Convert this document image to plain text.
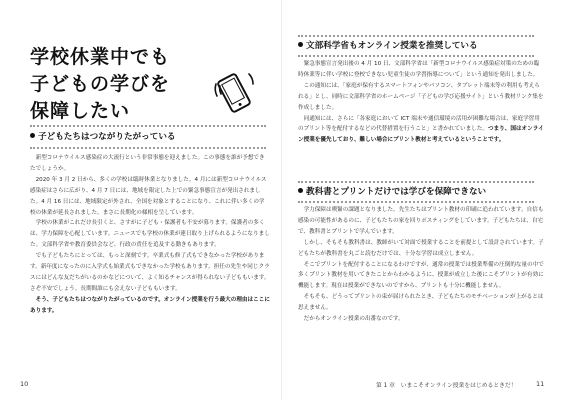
学校休業中でも
子どもの学びを
保障したい
子どもたちはつながりたがっている

新型コロナウイルス感染症の大流行という非常事態を迎えました。この事態を誰が予想できたでしょうか。

2020 年 3 月 2 日から、多くの学校は臨時休業となりました。4 月には新型コロナウイルス感染症はさらに広がり、4 月 7 日には、地域を限定した上での緊急事態宣言が発出されました。4 月 16 日には、地域限定が外され、全国を対象とすることになり、これに伴い多くの学校の休業が延長されました。まさに長期化の様相を呈しています。

学校の休業がこれだけ長引くと、さすがに子ども・保護者も不安が募ります。保護者の多くは、学力保障を心配しています。ニュースでも学校の休業が連日取り上げられるようになりました。文部科学省や教育委員会など、行政の責任を追及する動きもあります。

でも子どもたちにとっては、もっと深刻です。卒業式も修了式もできなかった学校があります。新年度になったのに入学式も始業式もできなかった学校もあります。担任の先生や同じクラスにはどんな友だちがいるのかなどについて、よく知るチャンスが得られない子どももいます。さぞ不安でしょう。長期間誰にも会えない子どももいます。

そう、子どもたちはつながりたがっているのです。オンライン授業を行う最大の理由はここにあります。

10
文部科学省もオンライン授業を推奨している

緊急事態宣言発出後の 4 月 10 日、文部科学省は「新型コロナウイルス感染症対策のための臨時休業等に伴い学校に登校できない児童生徒の学習指導について」という通知を発出しました。

この通知には、「家庭が保有するスマートフォンやパソコン、タブレット端末等の利用も考えられる」とし、同時に文部科学省のホームページ「子どもの学び応援サイト」という教材リンク集を作成しました。

同通知には、さらに「各家庭において ICT 端末や通信環境の活用が困難な場合は、家庭学習用のプリント等を配付するなどの代替措置を行うこと」と書かれていました。つまり、国はオンライン授業を優先しており、難しい場合にプリント教材と考えているということです。

教科書とプリントだけでは学びを保障できない

学力保障は喫緊の課題となりました。先生たちはプリント教材の印刷に追われています。自信も感染の可能性があるのに、子どもたちの家を回りポスティングをしています。子どもたちは、自宅で、教科書とプリントで学んでいます。

しかし、そもそも教科書は、教師がいて対面で授業することを前提として設計されています。子どもたちが教科書を丸ごと読むだけでは、十分な学習は成立しません。

そこでプリントを配付することになるわけですが、通常の授業では授業準備の圧倒的な量の中で多くプリント教材を用いてきたことからわかるように、授業が成立した後にこそプリントが有効に機能します。現在は授業ができないのですから、プリントも十分に機能しません。

そもそも、どうってプリントの束が届けられたとき、子どもたちのモチベーションが上がるとは思えません。

だからオンライン授業の出番なのです。

第 1 章　いまこそオンライン授業をはじめるときだ！	11
